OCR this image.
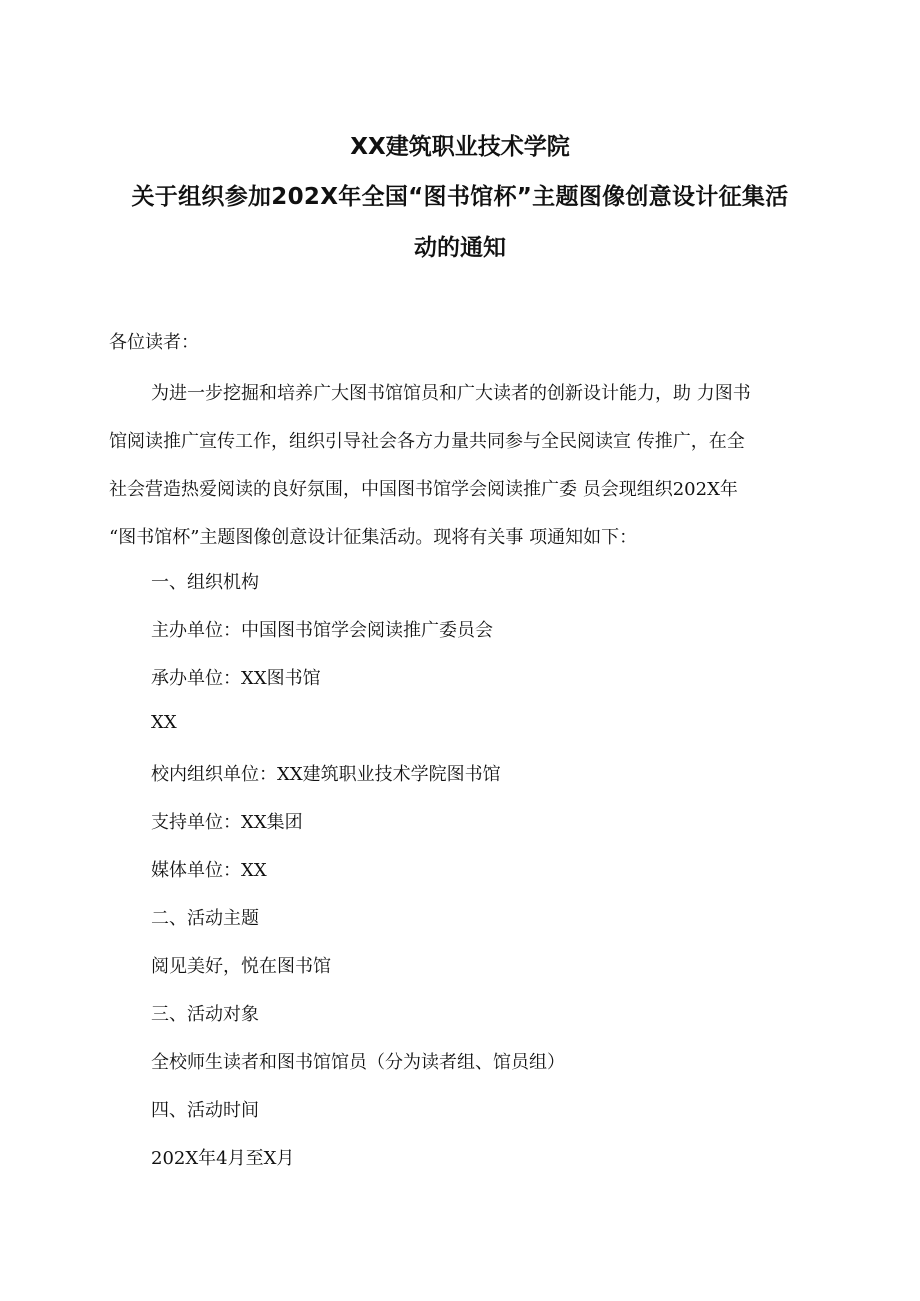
XX建筑职业技术学院
关于组织参加202X年全国“图书馆杯”主题图像创意设计征集活
动的通知

各位读者：

为进一步挖掘和培养广大图书馆馆员和广大读者的创新设计能力，助 力图书
馆阅读推广宣传工作，组织引导社会各方力量共同参与全民阅读宣 传推广，在全
社会营造热爱阅读的良好氛围，中国图书馆学会阅读推广委 员会现组织202X年
“图书馆杯”主题图像创意设计征集活动。现将有关事 项通知如下：

一、组织机构

主办单位：中国图书馆学会阅读推广委员会

承办单位：XX图书馆

XX

校内组织单位：XX建筑职业技术学院图书馆

支持单位：XX集团

媒体单位：XX

二、活动主题

阅见美好，悦在图书馆

三、活动对象

全校师生读者和图书馆馆员（分为读者组、馆员组）

四、活动时间

202X年4月至X月
